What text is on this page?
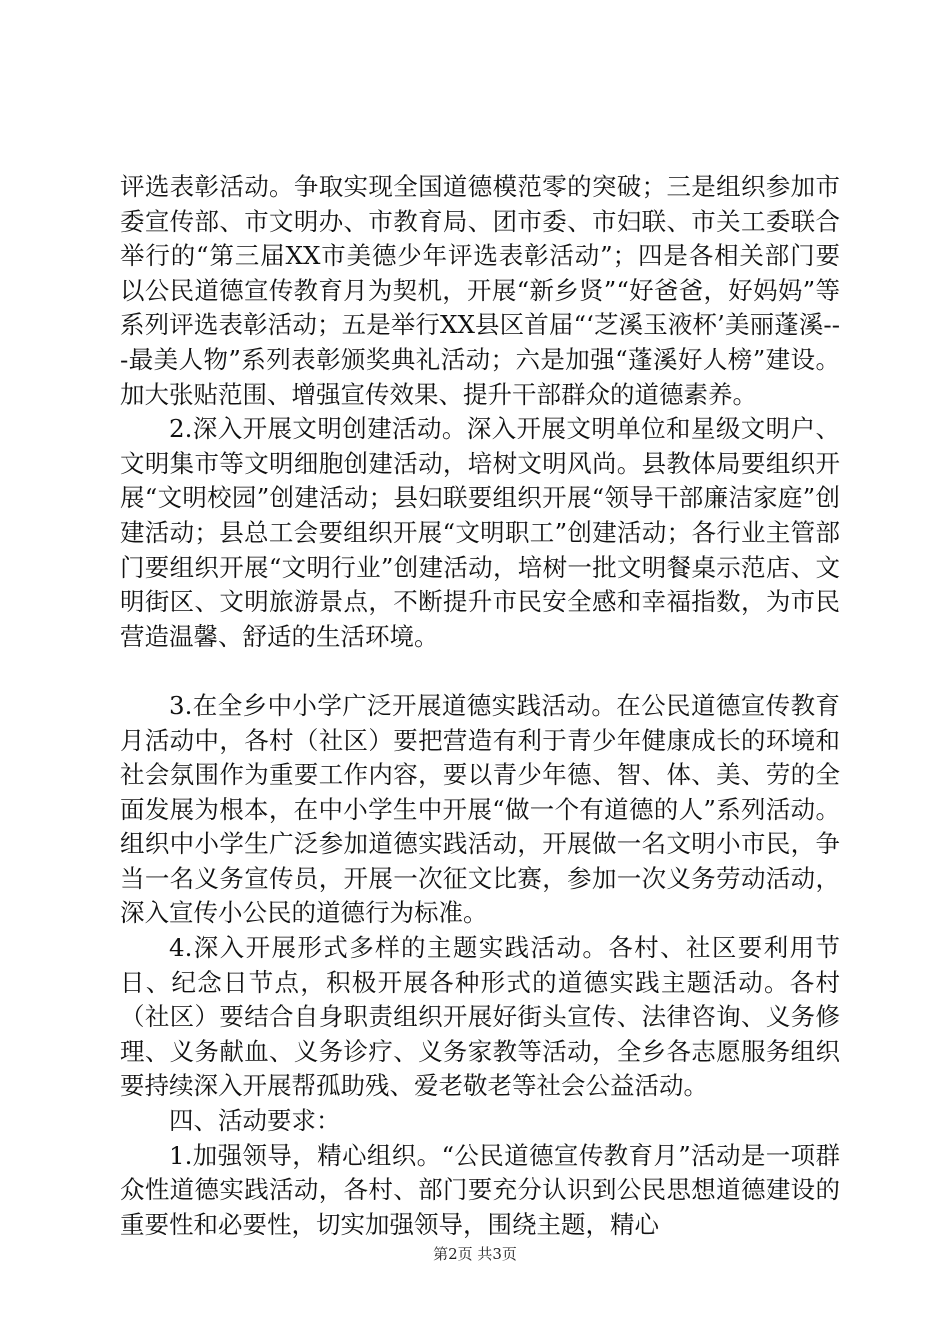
评选表彰活动。争取实现全国道德模范零的突破；三是组织参加市委宣传部、市文明办、市教育局、团市委、市妇联、市关工委联合举行的“第三届XX市美德少年评选表彰活动”；四是各相关部门要以公民道德宣传教育月为契机，开展“新乡贤”“好爸爸，好妈妈”等系列评选表彰活动；五是举行XX县区首届“‘芝溪玉液杯’美丽蓬溪---最美人物”系列表彰颁奖典礼活动；六是加强“蓬溪好人榜”建设。加大张贴范围、增强宣传效果、提升干部群众的道德素养。

2.深入开展文明创建活动。深入开展文明单位和星级文明户、文明集市等文明细胞创建活动，培树文明风尚。县教体局要组织开展“文明校园”创建活动；县妇联要组织开展“领导干部廉洁家庭”创建活动；县总工会要组织开展“文明职工”创建活动；各行业主管部门要组织开展“文明行业”创建活动，培树一批文明餐桌示范店、文明街区、文明旅游景点，不断提升市民安全感和幸福指数，为市民营造温馨、舒适的生活环境。

3.在全乡中小学广泛开展道德实践活动。在公民道德宣传教育月活动中，各村（社区）要把营造有利于青少年健康成长的环境和社会氛围作为重要工作内容，要以青少年德、智、体、美、劳的全面发展为根本，在中小学生中开展“做一个有道德的人”系列活动。组织中小学生广泛参加道德实践活动，开展做一名文明小市民，争当一名义务宣传员，开展一次征文比赛，参加一次义务劳动活动，深入宣传小公民的道德行为标准。

4.深入开展形式多样的主题实践活动。各村、社区要利用节日、纪念日节点，积极开展各种形式的道德实践主题活动。各村（社区）要结合自身职责组织开展好街头宣传、法律咨询、义务修理、义务献血、义务诊疗、义务家教等活动，全乡各志愿服务组织要持续深入开展帮孤助残、爱老敬老等社会公益活动。

四、活动要求：

1.加强领导，精心组织。“公民道德宣传教育月”活动是一项群众性道德实践活动，各村、部门要充分认识到公民思想道德建设的重要性和必要性，切实加强领导，围绕主题，精心

第2页 共3页
